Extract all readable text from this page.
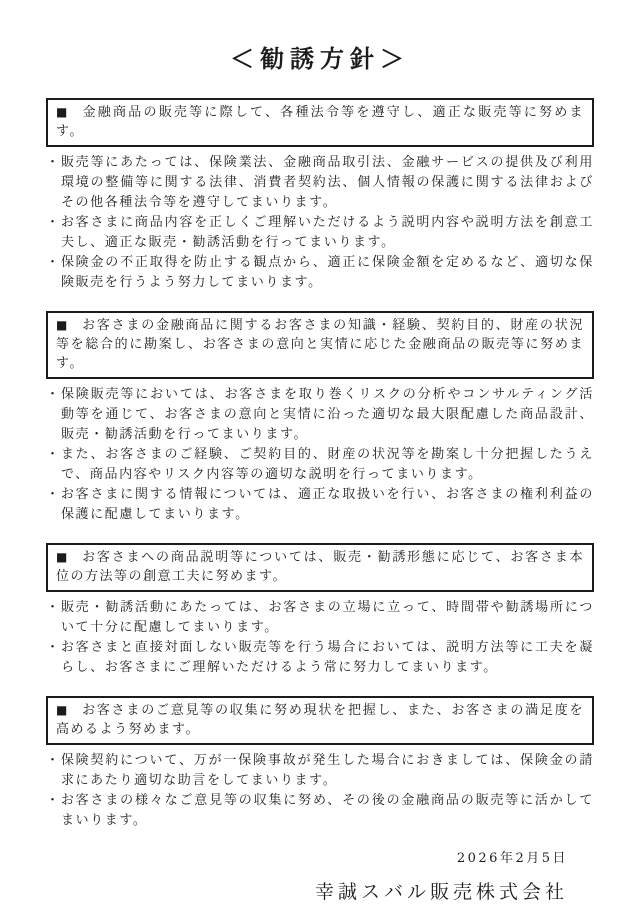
＜勧誘方針＞
■ 金融商品の販売等に際して、各種法令等を遵守し、適正な販売等に努めます。

・販売等にあたっては、保険業法、金融商品取引法、金融サービスの提供及び利用環境の整備等に関する法律、消費者契約法、個人情報の保護に関する法律およびその他各種法令等を遵守してまいります。

・お客さまに商品内容を正しくご理解いただけるよう説明内容や説明方法を創意工夫し、適正な販売・勧誘活動を行ってまいります。

・保険金の不正取得を防止する観点から、適正に保険金額を定めるなど、適切な保険販売を行うよう努力してまいります。

■ お客さまの金融商品に関するお客さまの知識・経験、契約目的、財産の状況等を総合的に勘案し、お客さまの意向と実情に応じた金融商品の販売等に努めます。

・保険販売等においては、お客さまを取り巻くリスクの分析やコンサルティング活動等を通じて、お客さまの意向と実情に沿った適切な最大限配慮した商品設計、販売・勧誘活動を行ってまいります。

・また、お客さまのご経験、ご契約目的、財産の状況等を勘案し十分把握したうえで、商品内容やリスク内容等の適切な説明を行ってまいります。

・お客さまに関する情報については、適正な取扱いを行い、お客さまの権利利益の保護に配慮してまいります。

■ お客さまへの商品説明等については、販売・勧誘形態に応じて、お客さま本位の方法等の創意工夫に努めます。

・販売・勧誘活動にあたっては、お客さまの立場に立って、時間帯や勧誘場所について十分に配慮してまいります。

・お客さまと直接対面しない販売等を行う場合においては、説明方法等に工夫を凝らし、お客さまにご理解いただけるよう常に努力してまいります。

■ お客さまのご意見等の収集に努め現状を把握し、また、お客さまの満足度を高めるよう努めます。

・保険契約について、万が一保険事故が発生した場合におきましては、保険金の請求にあたり適切な助言をしてまいります。

・お客さまの様々なご意見等の収集に努め、その後の金融商品の販売等に活かしてまいります。

2026年2月5日

幸誠スバル販売株式会社
